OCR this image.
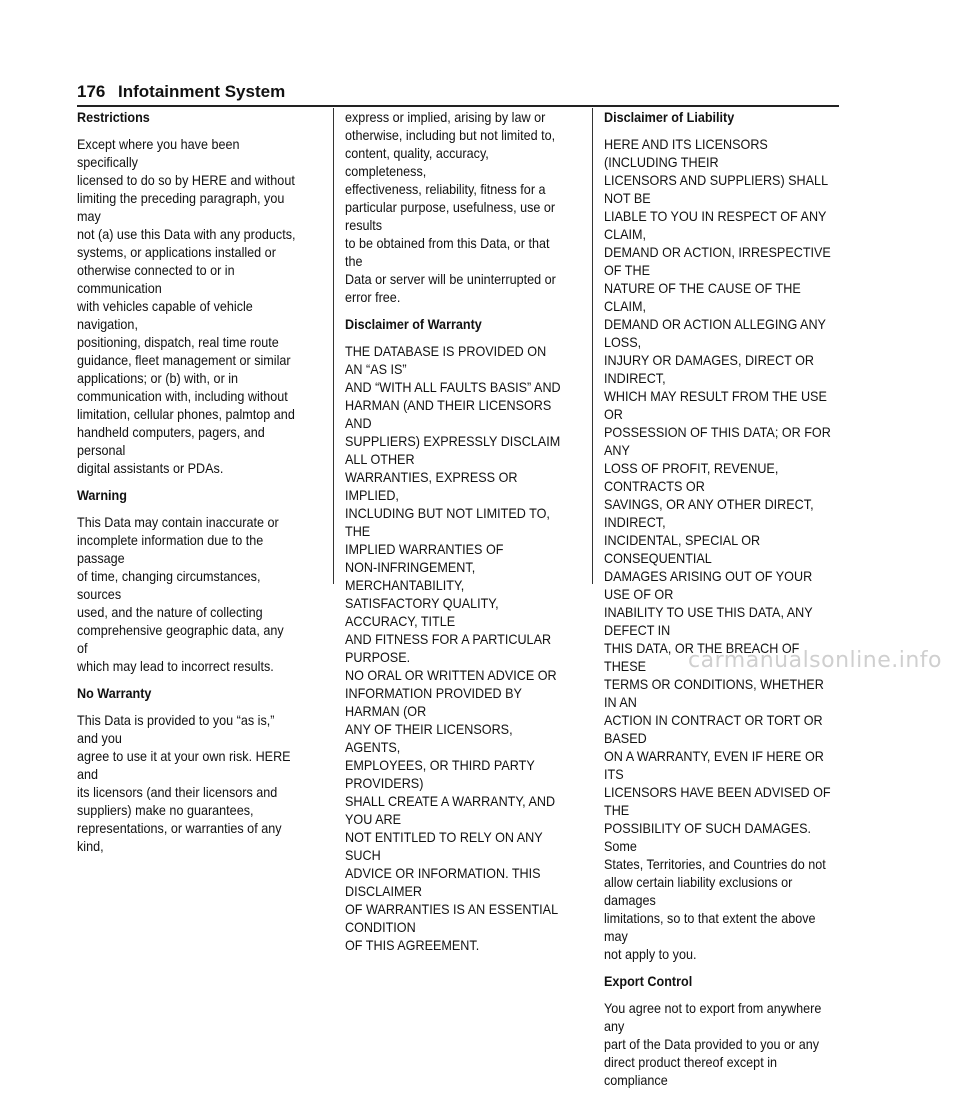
176 Infotainment System
Restrictions
Except where you have been specifically
licensed to do so by HERE and without
limiting the preceding paragraph, you may
not (a) use this Data with any products,
systems, or applications installed or
otherwise connected to or in communication
with vehicles capable of vehicle navigation,
positioning, dispatch, real time route
guidance, fleet management or similar
applications; or (b) with, or in
communication with, including without
limitation, cellular phones, palmtop and
handheld computers, pagers, and personal
digital assistants or PDAs.
Warning
This Data may contain inaccurate or
incomplete information due to the passage
of time, changing circumstances, sources
used, and the nature of collecting
comprehensive geographic data, any of
which may lead to incorrect results.
No Warranty
This Data is provided to you “as is,” and you
agree to use it at your own risk. HERE and
its licensors (and their licensors and
suppliers) make no guarantees,
representations, or warranties of any kind,
express or implied, arising by law or
otherwise, including but not limited to,
content, quality, accuracy, completeness,
effectiveness, reliability, fitness for a
particular purpose, usefulness, use or results
to be obtained from this Data, or that the
Data or server will be uninterrupted or
error free.
Disclaimer of Warranty
THE DATABASE IS PROVIDED ON AN “AS IS”
AND “WITH ALL FAULTS BASIS” AND
HARMAN (AND THEIR LICENSORS AND
SUPPLIERS) EXPRESSLY DISCLAIM ALL OTHER
WARRANTIES, EXPRESS OR IMPLIED,
INCLUDING BUT NOT LIMITED TO, THE
IMPLIED WARRANTIES OF
NON-INFRINGEMENT, MERCHANTABILITY,
SATISFACTORY QUALITY, ACCURACY, TITLE
AND FITNESS FOR A PARTICULAR PURPOSE.
NO ORAL OR WRITTEN ADVICE OR
INFORMATION PROVIDED BY HARMAN (OR
ANY OF THEIR LICENSORS, AGENTS,
EMPLOYEES, OR THIRD PARTY PROVIDERS)
SHALL CREATE A WARRANTY, AND YOU ARE
NOT ENTITLED TO RELY ON ANY SUCH
ADVICE OR INFORMATION. THIS DISCLAIMER
OF WARRANTIES IS AN ESSENTIAL CONDITION
OF THIS AGREEMENT.
Disclaimer of Liability
HERE AND ITS LICENSORS (INCLUDING THEIR
LICENSORS AND SUPPLIERS) SHALL NOT BE
LIABLE TO YOU IN RESPECT OF ANY CLAIM,
DEMAND OR ACTION, IRRESPECTIVE OF THE
NATURE OF THE CAUSE OF THE CLAIM,
DEMAND OR ACTION ALLEGING ANY LOSS,
INJURY OR DAMAGES, DIRECT OR INDIRECT,
WHICH MAY RESULT FROM THE USE OR
POSSESSION OF THIS DATA; OR FOR ANY
LOSS OF PROFIT, REVENUE, CONTRACTS OR
SAVINGS, OR ANY OTHER DIRECT, INDIRECT,
INCIDENTAL, SPECIAL OR CONSEQUENTIAL
DAMAGES ARISING OUT OF YOUR USE OF OR
INABILITY TO USE THIS DATA, ANY DEFECT IN
THIS DATA, OR THE BREACH OF THESE
TERMS OR CONDITIONS, WHETHER IN AN
ACTION IN CONTRACT OR TORT OR BASED
ON A WARRANTY, EVEN IF HERE OR ITS
LICENSORS HAVE BEEN ADVISED OF THE
POSSIBILITY OF SUCH DAMAGES. Some
States, Territories, and Countries do not
allow certain liability exclusions or damages
limitations, so to that extent the above may
not apply to you.
Export Control
You agree not to export from anywhere any
part of the Data provided to you or any
direct product thereof except in compliance
carmanualsonline.info
